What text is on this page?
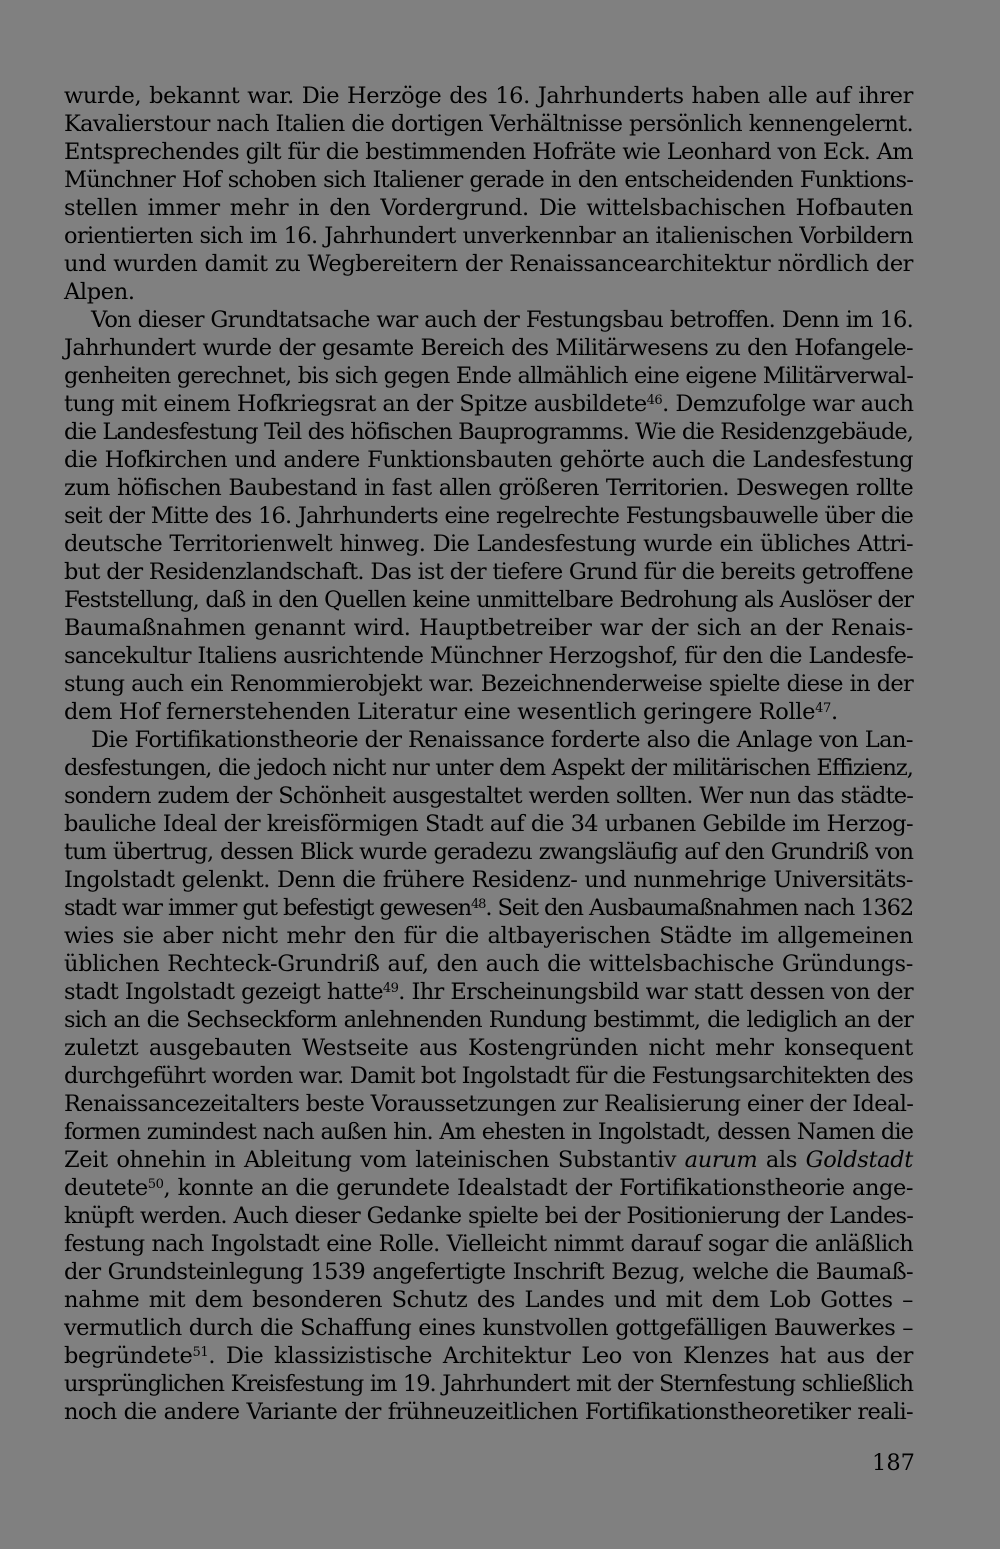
wurde, bekannt war. Die Herzöge des 16. Jahrhunderts haben alle auf ihrer
Kavalierstour nach Italien die dortigen Verhältnisse persönlich kennengelernt.
Entsprechendes gilt für die bestimmenden Hofräte wie Leonhard von Eck. Am
Münchner Hof schoben sich Italiener gerade in den entscheidenden Funktions-
stellen immer mehr in den Vordergrund. Die wittelsbachischen Hofbauten
orientierten sich im 16. Jahrhundert unverkennbar an italienischen Vorbildern
und wurden damit zu Wegbereitern der Renaissancearchitektur nördlich der
Alpen.
Von dieser Grundtatsache war auch der Festungsbau betroffen. Denn im 16.
Jahrhundert wurde der gesamte Bereich des Militärwesens zu den Hofangele-
genheiten gerechnet, bis sich gegen Ende allmählich eine eigene Militärverwal-
tung mit einem Hofkriegsrat an der Spitze ausbildete$^{46}$. Demzufolge war auch
die Landesfestung Teil des höfischen Bauprogramms. Wie die Residenzgebäude,
die Hofkirchen und andere Funktionsbauten gehörte auch die Landesfestung
zum höfischen Baubestand in fast allen größeren Territorien. Deswegen rollte
seit der Mitte des 16. Jahrhunderts eine regelrechte Festungsbauwelle über die
deutsche Territorienwelt hinweg. Die Landesfestung wurde ein übliches Attri-
but der Residenzlandschaft. Das ist der tiefere Grund für die bereits getroffene
Feststellung, daß in den Quellen keine unmittelbare Bedrohung als Auslöser der
Baumaßnahmen genannt wird. Hauptbetreiber war der sich an der Renais-
sancekultur Italiens ausrichtende Münchner Herzogshof, für den die Landesfe-
stung auch ein Renommierobjekt war. Bezeichnenderweise spielte diese in der
dem Hof fernerstehenden Literatur eine wesentlich geringere Rolle$^{47}$.
Die Fortifikationstheorie der Renaissance forderte also die Anlage von Lan-
desfestungen, die jedoch nicht nur unter dem Aspekt der militärischen Effizienz,
sondern zudem der Schönheit ausgestaltet werden sollten. Wer nun das städte-
bauliche Ideal der kreisförmigen Stadt auf die 34 urbanen Gebilde im Herzog-
tum übertrug, dessen Blick wurde geradezu zwangsläufig auf den Grundriß von
Ingolstadt gelenkt. Denn die frühere Residenz- und nunmehrige Universitäts-
stadt war immer gut befestigt gewesen$^{48}$. Seit den Ausbaumaßnahmen nach 1362
wies sie aber nicht mehr den für die altbayerischen Städte im allgemeinen
üblichen Rechteck-Grundriß auf, den auch die wittelsbachische Gründungs-
stadt Ingolstadt gezeigt hatte$^{49}$. Ihr Erscheinungsbild war statt dessen von der
sich an die Sechseckform anlehnenden Rundung bestimmt, die lediglich an der
zuletzt ausgebauten Westseite aus Kostengründen nicht mehr konsequent
durchgeführt worden war. Damit bot Ingolstadt für die Festungsarchitekten des
Renaissancezeitalters beste Voraussetzungen zur Realisierung einer der Ideal-
formen zumindest nach außen hin. Am ehesten in Ingolstadt, dessen Namen die
Zeit ohnehin in Ableitung vom lateinischen Substantiv aurum als Goldstadt
deutete$^{50}$, konnte an die gerundete Idealstadt der Fortifikationstheorie ange-
knüpft werden. Auch dieser Gedanke spielte bei der Positionierung der Landes-
festung nach Ingolstadt eine Rolle. Vielleicht nimmt darauf sogar die anläßlich
der Grundsteinlegung 1539 angefertigte Inschrift Bezug, welche die Baumaß-
nahme mit dem besonderen Schutz des Landes und mit dem Lob Gottes –
vermutlich durch die Schaffung eines kunstvollen gottgefälligen Bauwerkes –
begründete$^{51}$. Die klassizistische Architektur Leo von Klenzes hat aus der
ursprünglichen Kreisfestung im 19. Jahrhundert mit der Sternfestung schließlich
noch die andere Variante der frühneuzeitlichen Fortifikationstheoretiker reali-
187
